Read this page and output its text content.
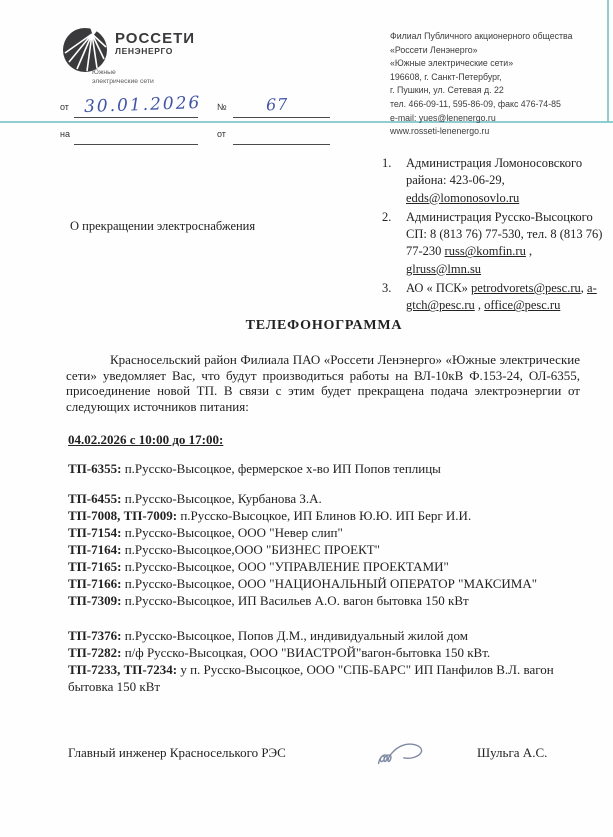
РОССЕТИ
ЛЕНЭНЕРГО
Южные
электрические сети
Филиал Публичного акционерного общества
«Россети Ленэнерго»
«Южные электрические сети»
196608, г. Санкт-Петербург,
г. Пушкин, ул. Сетевая д. 22
тел. 466-09-11, 595-86-09, факс 476-74-85
e-mail: yues@lenenergo.ru
www.rosseti-lenenergo.ru
от 30.01.2026 № 67
на	от
1.	Администрация Ломоносовского района: 423-06-29, edds@lomonosovlo.ru
2.	Администрация Русско-Высоцкого СП: 8 (813 76) 77-530, тел. 8 (813 76) 77-230 russ@komfin.ru , glruss@lmn.su
3.	АО « ПСК» petrodvorets@pesc.ru, a-gtch@pesc.ru , office@pesc.ru
О прекращении электроснабжения
ТЕЛЕФОНОГРАММА

Красносельский район Филиала ПАО «Россети Ленэнерго» «Южные электрические сети» уведомляет Вас, что будут производиться работы на ВЛ-10кВ Ф.153-24, ОЛ-6355, присоединение новой ТП. В связи с этим будет прекращена подача электроэнергии от следующих источников питания:

04.02.2026 с 10:00 до 17:00:
ТП-6355: п.Русско-Высоцкое, фермерское х-во ИП Попов теплицы
ТП-6455: п.Русско-Высоцкое, Курбанова З.А.
ТП-7008, ТП-7009: п.Русско-Высоцкое, ИП Блинов Ю.Ю. ИП Берг И.И.
ТП-7154: п.Русско-Высоцкое, ООО "Невер слип"
ТП-7164: п.Русско-Высоцкое,ООО "БИЗНЕС ПРОЕКТ"
ТП-7165: п.Русско-Высоцкое, ООО "УПРАВЛЕНИЕ ПРОЕКТАМИ"
ТП-7166: п.Русско-Высоцкое, ООО "НАЦИОНАЛЬНЫЙ ОПЕРАТОР "МАКСИМА"
ТП-7309: п.Русско-Высоцкое, ИП Васильев А.О. вагон бытовка 150 кВт
ТП-7376: п.Русско-Высоцкое, Попов Д.М., индивидуальный жилой дом
ТП-7282: п/ф Русско-Высоцкая, ООО "ВИАСТРОЙ"вагон-бытовка 150 кВт.
ТП-7233, ТП-7234: у п. Русско-Высоцкое, ООО "СПБ-БАРС" ИП Панфилов В.Л. вагон бытовка 150 кВт
Главный инженер Красноселького РЭС	Шульга А.С.
